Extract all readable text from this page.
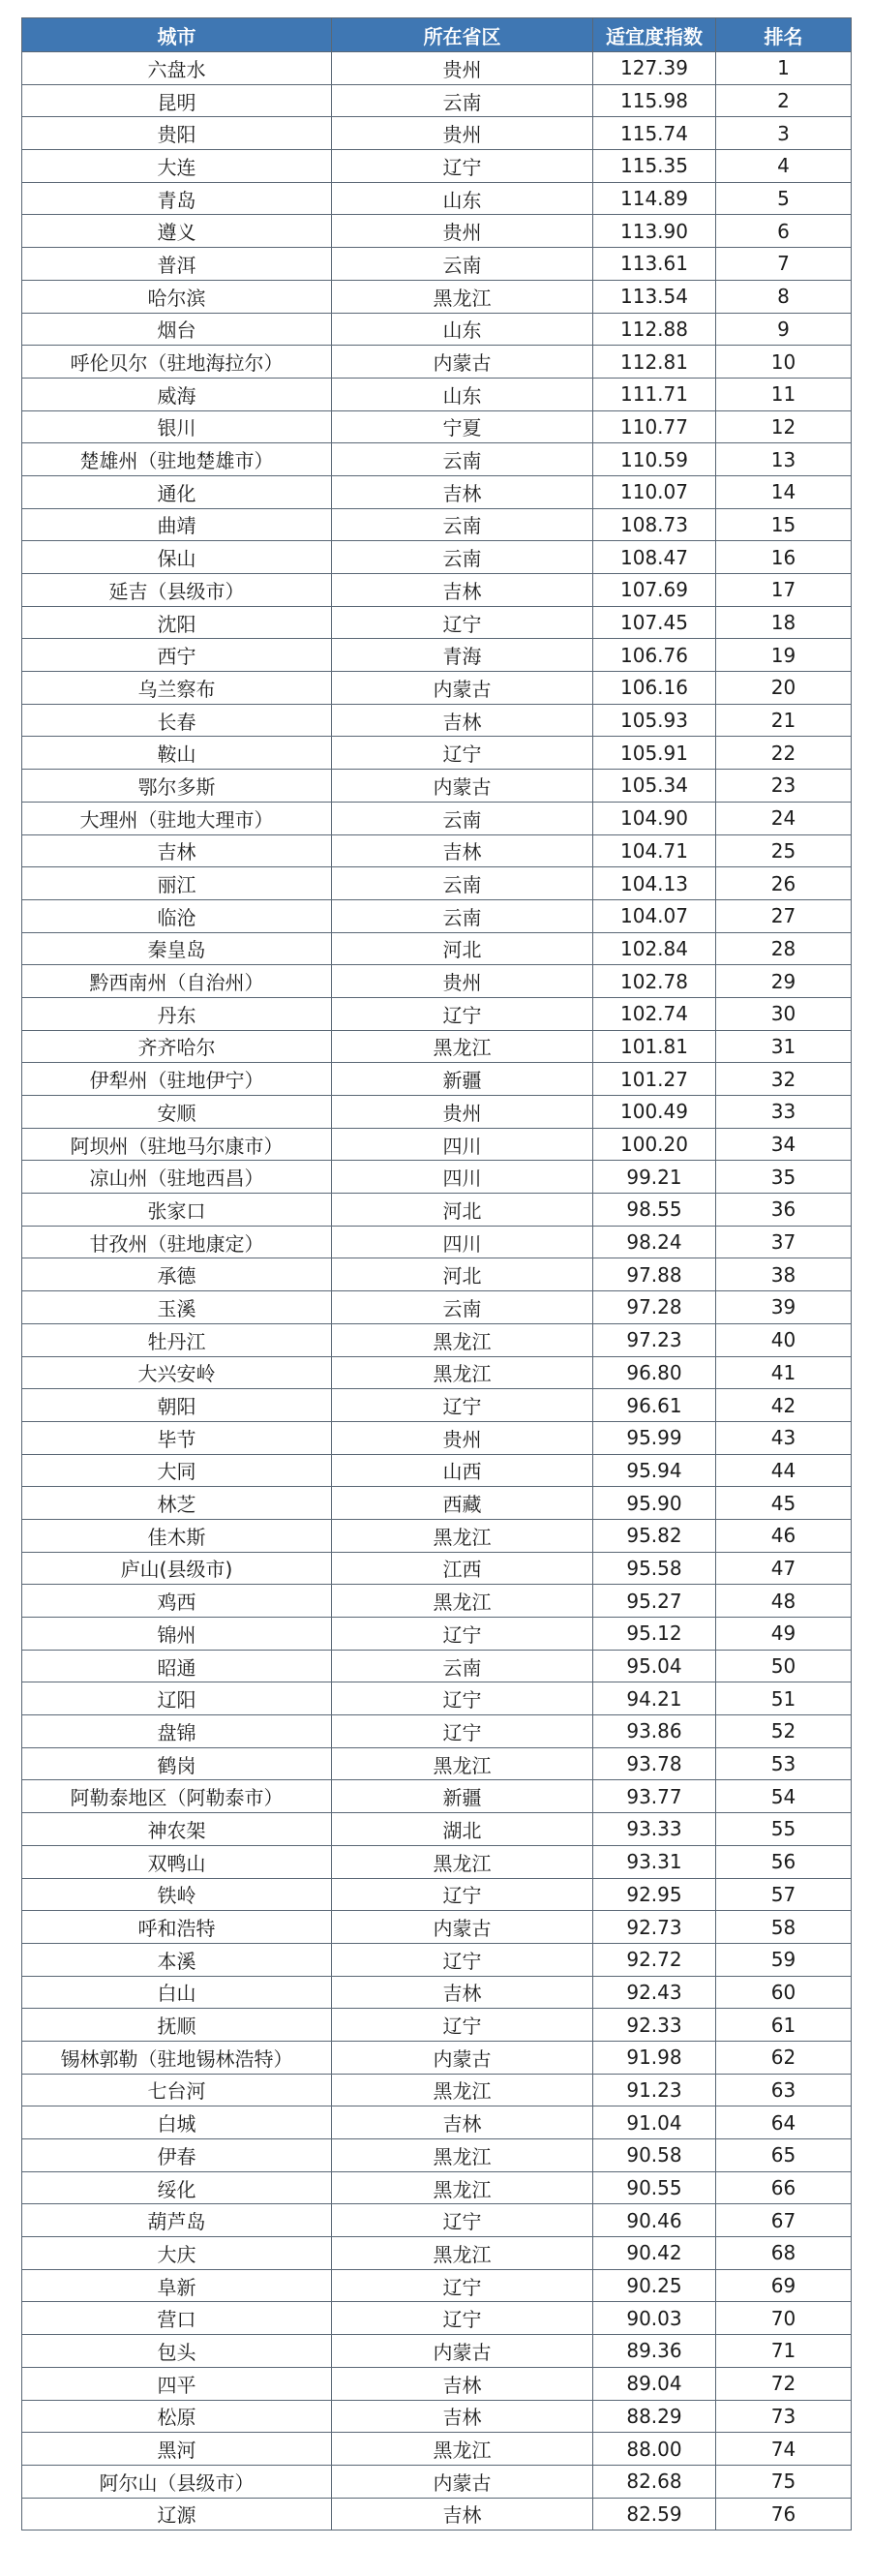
城市	所在省区	适宜度指数	排名
六盘水	贵州	127.39	1
昆明	云南	115.98	2
贵阳	贵州	115.74	3
大连	辽宁	115.35	4
青岛	山东	114.89	5
遵义	贵州	113.90	6
普洱	云南	113.61	7
哈尔滨	黑龙江	113.54	8
烟台	山东	112.88	9
呼伦贝尔（驻地海拉尔）	内蒙古	112.81	10
威海	山东	111.71	11
银川	宁夏	110.77	12
楚雄州（驻地楚雄市）	云南	110.59	13
通化	吉林	110.07	14
曲靖	云南	108.73	15
保山	云南	108.47	16
延吉（县级市）	吉林	107.69	17
沈阳	辽宁	107.45	18
西宁	青海	106.76	19
乌兰察布	内蒙古	106.16	20
长春	吉林	105.93	21
鞍山	辽宁	105.91	22
鄂尔多斯	内蒙古	105.34	23
大理州（驻地大理市）	云南	104.90	24
吉林	吉林	104.71	25
丽江	云南	104.13	26
临沧	云南	104.07	27
秦皇岛	河北	102.84	28
黔西南州（自治州）	贵州	102.78	29
丹东	辽宁	102.74	30
齐齐哈尔	黑龙江	101.81	31
伊犁州（驻地伊宁）	新疆	101.27	32
安顺	贵州	100.49	33
阿坝州（驻地马尔康市）	四川	100.20	34
凉山州（驻地西昌）	四川	99.21	35
张家口	河北	98.55	36
甘孜州（驻地康定）	四川	98.24	37
承德	河北	97.88	38
玉溪	云南	97.28	39
牡丹江	黑龙江	97.23	40
大兴安岭	黑龙江	96.80	41
朝阳	辽宁	96.61	42
毕节	贵州	95.99	43
大同	山西	95.94	44
林芝	西藏	95.90	45
佳木斯	黑龙江	95.82	46
庐山(县级市)	江西	95.58	47
鸡西	黑龙江	95.27	48
锦州	辽宁	95.12	49
昭通	云南	95.04	50
辽阳	辽宁	94.21	51
盘锦	辽宁	93.86	52
鹤岗	黑龙江	93.78	53
阿勒泰地区（阿勒泰市）	新疆	93.77	54
神农架	湖北	93.33	55
双鸭山	黑龙江	93.31	56
铁岭	辽宁	92.95	57
呼和浩特	内蒙古	92.73	58
本溪	辽宁	92.72	59
白山	吉林	92.43	60
抚顺	辽宁	92.33	61
锡林郭勒（驻地锡林浩特）	内蒙古	91.98	62
七台河	黑龙江	91.23	63
白城	吉林	91.04	64
伊春	黑龙江	90.58	65
绥化	黑龙江	90.55	66
葫芦岛	辽宁	90.46	67
大庆	黑龙江	90.42	68
阜新	辽宁	90.25	69
营口	辽宁	90.03	70
包头	内蒙古	89.36	71
四平	吉林	89.04	72
松原	吉林	88.29	73
黑河	黑龙江	88.00	74
阿尔山（县级市）	内蒙古	82.68	75
辽源	吉林	82.59	76
